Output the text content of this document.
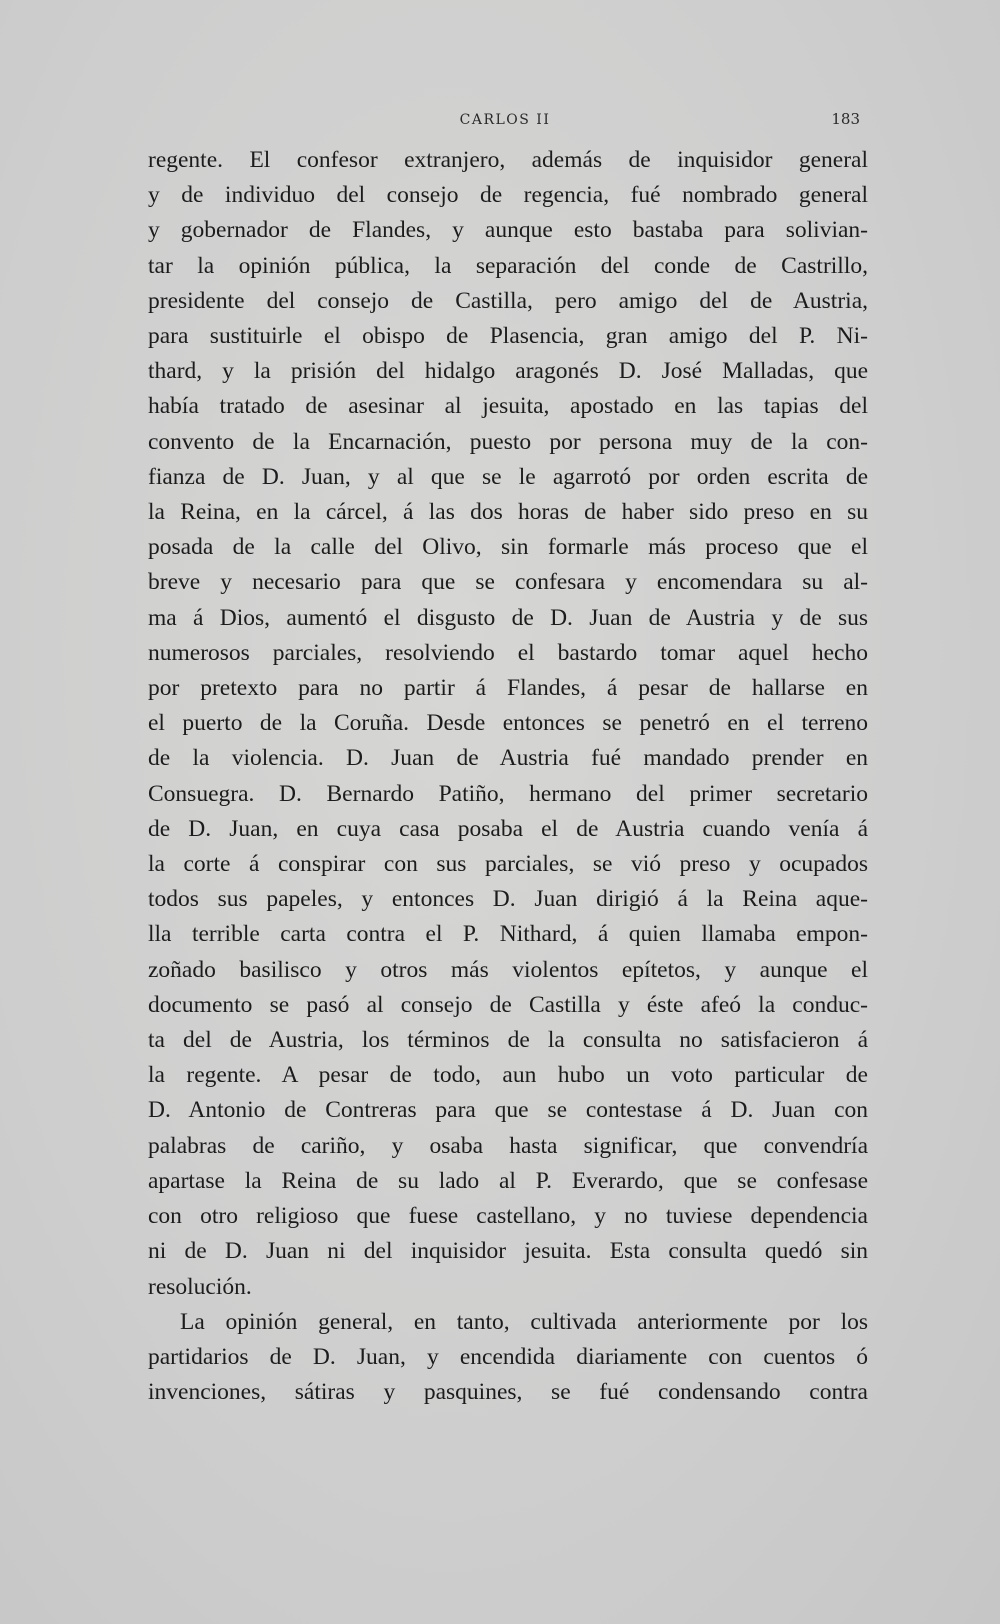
CARLOS II	183
regente. El confesor extranjero, además de inquisidor general
y de individuo del consejo de regencia, fué nombrado general
y gobernador de Flandes, y aunque esto bastaba para solivian-
tar la opinión pública, la separación del conde de Castrillo,
presidente del consejo de Castilla, pero amigo del de Austria,
para sustituirle el obispo de Plasencia, gran amigo del P. Ni-
thard, y la prisión del hidalgo aragonés D. José Malladas, que
había tratado de asesinar al jesuita, apostado en las tapias del
convento de la Encarnación, puesto por persona muy de la con-
fianza de D. Juan, y al que se le agarrotó por orden escrita de
la Reina, en la cárcel, á las dos horas de haber sido preso en su
posada de la calle del Olivo, sin formarle más proceso que el
breve y necesario para que se confesara y encomendara su al-
ma á Dios, aumentó el disgusto de D. Juan de Austria y de sus
numerosos parciales, resolviendo el bastardo tomar aquel hecho
por pretexto para no partir á Flandes, á pesar de hallarse en
el puerto de la Coruña. Desde entonces se penetró en el terreno
de la violencia. D. Juan de Austria fué mandado prender en
Consuegra. D. Bernardo Patiño, hermano del primer secretario
de D. Juan, en cuya casa posaba el de Austria cuando venía á
la corte á conspirar con sus parciales, se vió preso y ocupados
todos sus papeles, y entonces D. Juan dirigió á la Reina aque-
lla terrible carta contra el P. Nithard, á quien llamaba empon-
zoñado basilisco y otros más violentos epítetos, y aunque el
documento se pasó al consejo de Castilla y éste afeó la conduc-
ta del de Austria, los términos de la consulta no satisfacieron á
la regente. A pesar de todo, aun hubo un voto particular de
D. Antonio de Contreras para que se contestase á D. Juan con
palabras de cariño, y osaba hasta significar, que convendría
apartase la Reina de su lado al P. Everardo, que se confesase
con otro religioso que fuese castellano, y no tuviese dependencia
ni de D. Juan ni del inquisidor jesuita. Esta consulta quedó sin
resolución.
La opinión general, en tanto, cultivada anteriormente por los
partidarios de D. Juan, y encendida diariamente con cuentos ó
invenciones, sátiras y pasquines, se fué condensando contra
